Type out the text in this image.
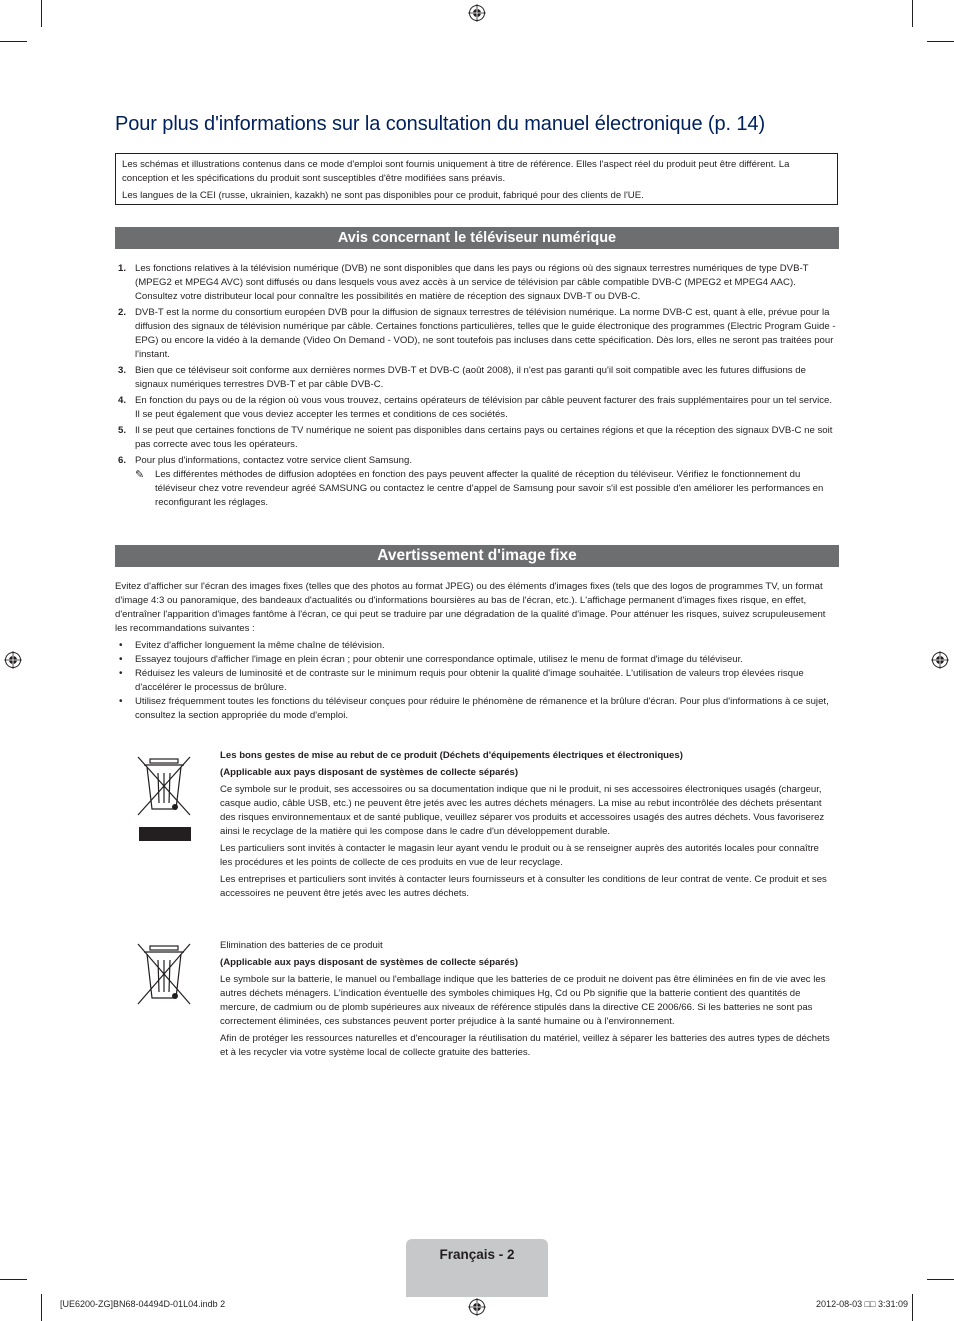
Pour plus d'informations sur la consultation du manuel électronique (p. 14)

Les schémas et illustrations contenus dans ce mode d'emploi sont fournis uniquement à titre de référence. Elles l'aspect réel du produit peut être différent. La conception et les spécifications du produit sont susceptibles d'être modifiées sans préavis.

Les langues de la CEI (russe, ukrainien, kazakh) ne sont pas disponibles pour ce produit, fabriqué pour des clients de l'UE.

Avis concernant le téléviseur numérique
1. Les fonctions relatives à la télévision numérique (DVB) ne sont disponibles que dans les pays ou régions où des signaux terrestres numériques de type DVB-T (MPEG2 et MPEG4 AVC) sont diffusés ou dans lesquels vous avez accès à un service de télévision par câble compatible DVB-C (MPEG2 et MPEG4 AAC). Consultez votre distributeur local pour connaître les possibilités en matière de réception des signaux DVB-T ou DVB-C.
2. DVB-T est la norme du consortium européen DVB pour la diffusion de signaux terrestres de télévision numérique. La norme DVB-C est, quant à elle, prévue pour la diffusion des signaux de télévision numérique par câble. Certaines fonctions particulières, telles que le guide électronique des programmes (Electric Program Guide - EPG) ou encore la vidéo à la demande (Video On Demand - VOD), ne sont toutefois pas incluses dans cette spécification. Dès lors, elles ne seront pas traitées pour l'instant.
3. Bien que ce téléviseur soit conforme aux dernières normes DVB-T et DVB-C (août 2008), il n'est pas garanti qu'il soit compatible avec les futures diffusions de signaux numériques terrestres DVB-T et par câble DVB-C.
4. En fonction du pays ou de la région où vous vous trouvez, certains opérateurs de télévision par câble peuvent facturer des frais supplémentaires pour un tel service. Il se peut également que vous deviez accepter les termes et conditions de ces sociétés.
5. Il se peut que certaines fonctions de TV numérique ne soient pas disponibles dans certains pays ou certaines régions et que la réception des signaux DVB-C ne soit pas correcte avec tous les opérateurs.
6. Pour plus d'informations, contactez votre service client Samsung.
✎ Les différentes méthodes de diffusion adoptées en fonction des pays peuvent affecter la qualité de réception du téléviseur. Vérifiez le fonctionnement du téléviseur chez votre revendeur agréé SAMSUNG ou contactez le centre d'appel de Samsung pour savoir s'il est possible d'en améliorer les performances en reconfigurant les réglages.
Avertissement d'image fixe

Evitez d'afficher sur l'écran des images fixes (telles que des photos au format JPEG) ou des éléments d'images fixes (tels que des logos de programmes TV, un format d'image 4:3 ou panoramique, des bandeaux d'actualités ou d'informations boursières au bas de l'écran, etc.). L'affichage permanent d'images fixes risque, en effet, d'entraîner l'apparition d'images fantôme à l'écran, ce qui peut se traduire par une dégradation de la qualité d'image. Pour atténuer les risques, suivez scrupuleusement les recommandations suivantes :

• Evitez d'afficher longuement la même chaîne de télévision.
• Essayez toujours d'afficher l'image en plein écran ; pour obtenir une correspondance optimale, utilisez le menu de format d'image du téléviseur.
• Réduisez les valeurs de luminosité et de contraste sur le minimum requis pour obtenir la qualité d'image souhaitée. L'utilisation de valeurs trop élevées risque d'accélérer le processus de brûlure.
• Utilisez fréquemment toutes les fonctions du téléviseur conçues pour réduire le phénomène de rémanence et la brûlure d'écran. Pour plus d'informations à ce sujet, consultez la section appropriée du mode d'emploi.

Les bons gestes de mise au rebut de ce produit (Déchets d'équipements électriques et électroniques)

(Applicable aux pays disposant de systèmes de collecte séparés)

Ce symbole sur le produit, ses accessoires ou sa documentation indique que ni le produit, ni ses accessoires électroniques usagés (chargeur, casque audio, câble USB, etc.) ne peuvent être jetés avec les autres déchets ménagers. La mise au rebut incontrôlée des déchets présentant des risques environnementaux et de santé publique, veuillez séparer vos produits et accessoires usagés des autres déchets. Vous favoriserez ainsi le recyclage de la matière qui les compose dans le cadre d'un développement durable.

Les particuliers sont invités à contacter le magasin leur ayant vendu le produit ou à se renseigner auprès des autorités locales pour connaître les procédures et les points de collecte de ces produits en vue de leur recyclage.

Les entreprises et particuliers sont invités à contacter leurs fournisseurs et à consulter les conditions de leur contrat de vente. Ce produit et ses accessoires ne peuvent être jetés avec les autres déchets.

Elimination des batteries de ce produit

(Applicable aux pays disposant de systèmes de collecte séparés)

Le symbole sur la batterie, le manuel ou l'emballage indique que les batteries de ce produit ne doivent pas être éliminées en fin de vie avec les autres déchets ménagers. L'indication éventuelle des symboles chimiques Hg, Cd ou Pb signifie que la batterie contient des quantités de mercure, de cadmium ou de plomb supérieures aux niveaux de référence stipulés dans la directive CE 2006/66. Si les batteries ne sont pas correctement éliminées, ces substances peuvent porter préjudice à la santé humaine ou à l'environnement.

Afin de protéger les ressources naturelles et d'encourager la réutilisation du matériel, veillez à séparer les batteries des autres types de déchets et à les recycler via votre système local de collecte gratuite des batteries.

Français - 2
[UE6200-ZG]BN68-04494D-01L04.indb 2	2012-08-03 □□ 3:31:09
